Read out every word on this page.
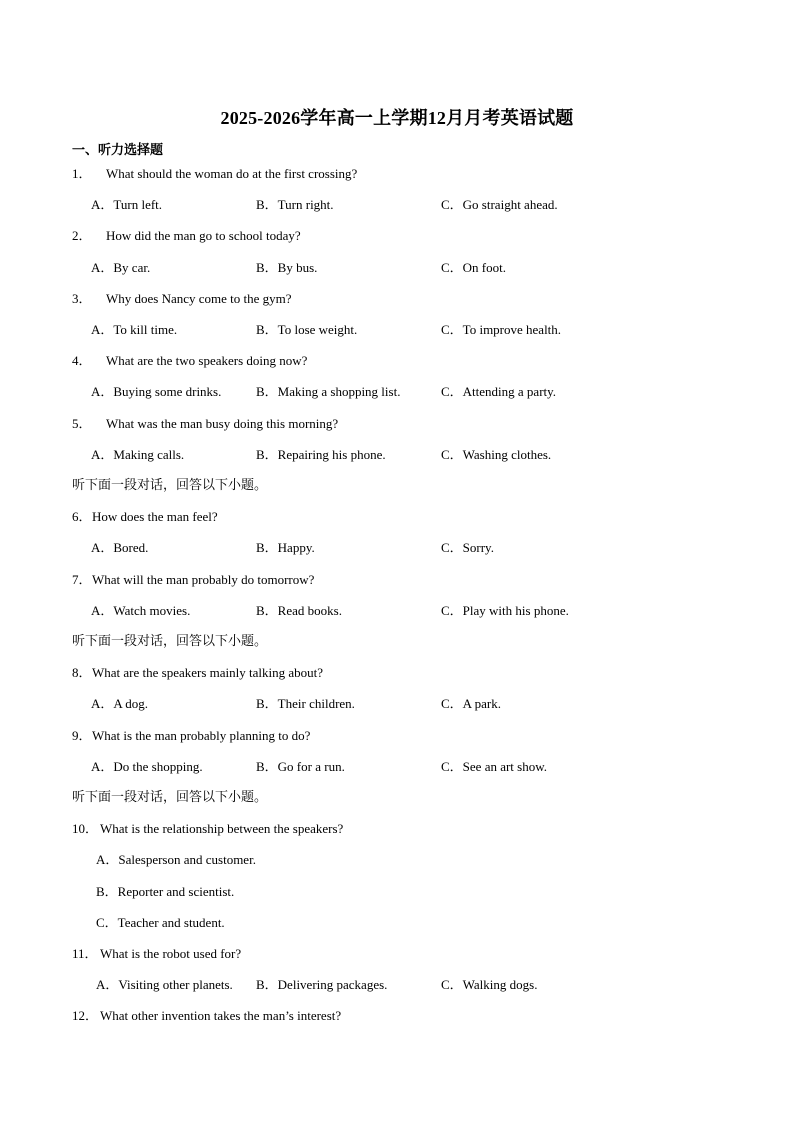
2025-2026学年高一上学期12月月考英语试题
一、听力选择题
1． What should the woman do at the first crossing?
A．Turn left.	B．Turn right.	C．Go straight ahead.
2． How did the man go to school today?
A．By car.	B．By bus.	C．On foot.
3． Why does Nancy come to the gym?
A．To kill time.	B．To lose weight.	C．To improve health.
4． What are the two speakers doing now?
A．Buying some drinks.	B．Making a shopping list.	C．Attending a party.
5． What was the man busy doing this morning?
A．Making calls.	B．Repairing his phone.	C．Washing clothes.
听下面一段对话，回答以下小题。
6．How does the man feel?
A．Bored.	B．Happy.	C．Sorry.
7．What will the man probably do tomorrow?
A．Watch movies.	B．Read books.	C．Play with his phone.
听下面一段对话，回答以下小题。
8．What are the speakers mainly talking about?
A．A dog.	B．Their children.	C．A park.
9．What is the man probably planning to do?
A．Do the shopping.	B．Go for a run.	C．See an art show.
听下面一段对话，回答以下小题。
10． What is the relationship between the speakers?
A．Salesperson and customer.
B．Reporter and scientist.
C．Teacher and student.
11． What is the robot used for?
A．Visiting other planets. B．Delivering packages.	C．Walking dogs.
12． What other invention takes the man’s interest?
